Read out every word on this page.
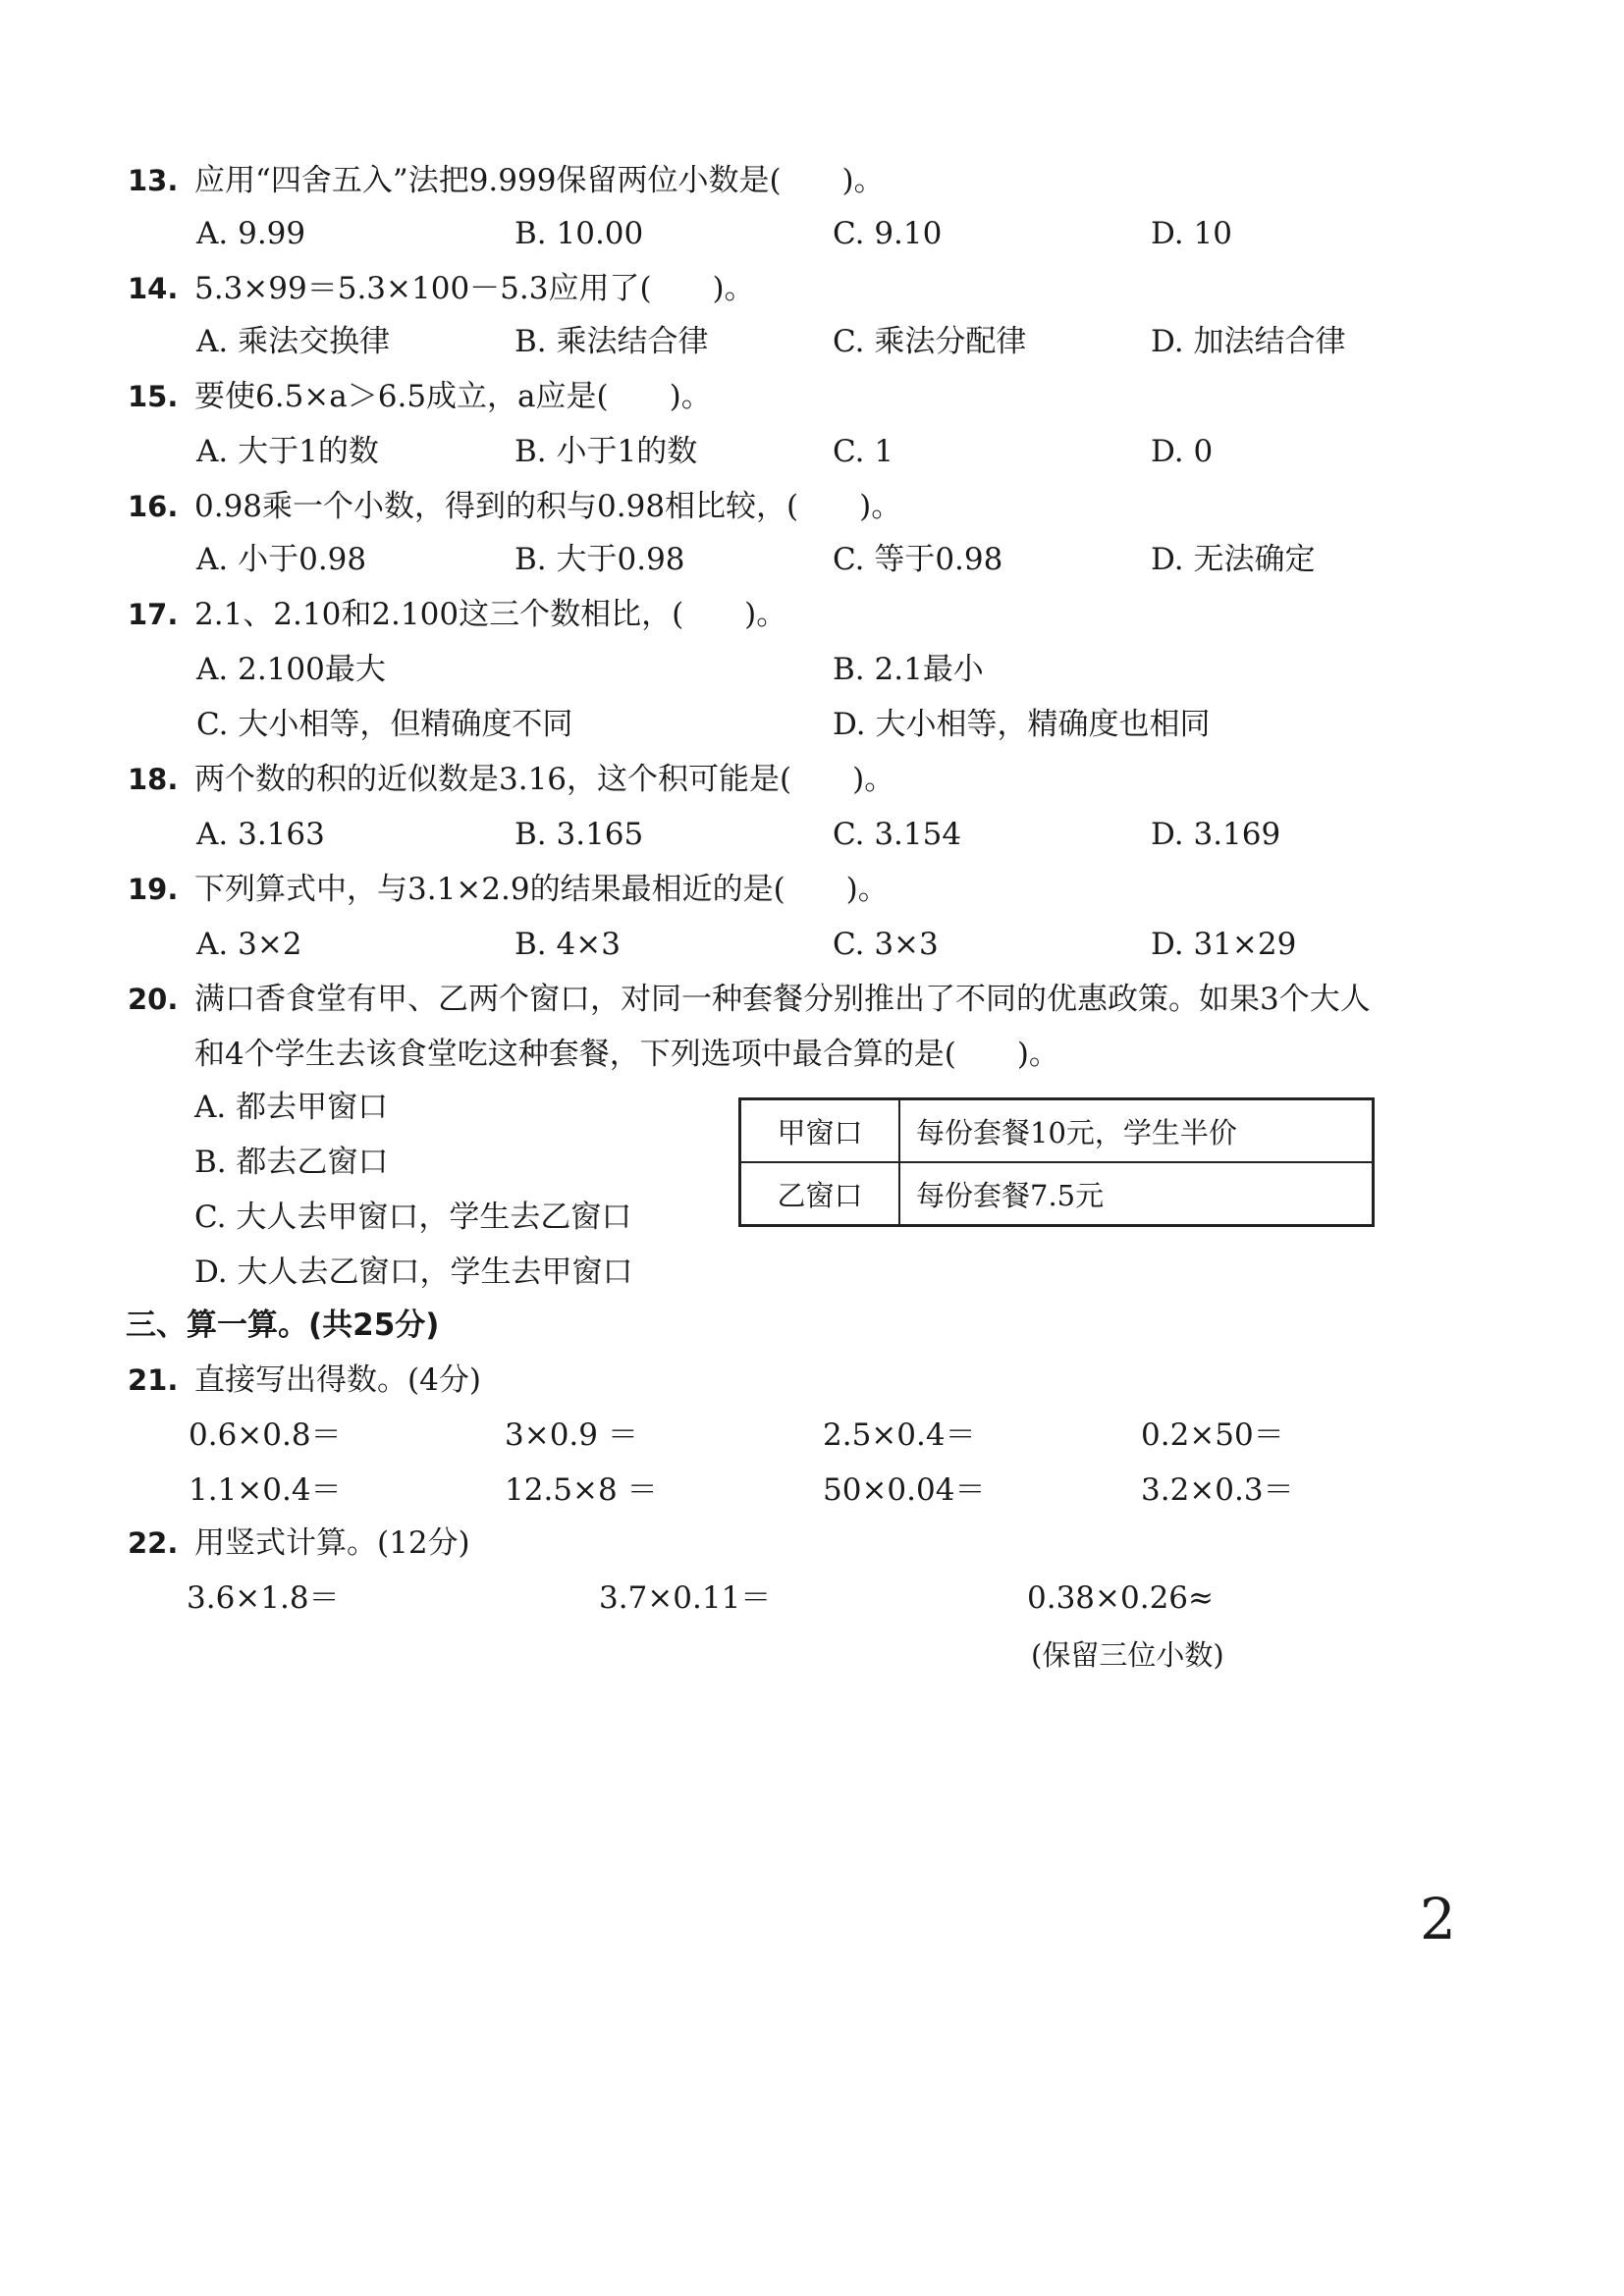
13. 应用“四舍五入”法把9.999保留两位小数是(　　)。
A. 9.99	B. 10.00	C. 9.10	D. 10
14. 5.3×99＝5.3×100－5.3应用了(　　)。
A. 乘法交换律	B. 乘法结合律	C. 乘法分配律	D. 加法结合律
15. 要使6.5×a＞6.5成立，a应是(　　)。
A. 大于1的数	B. 小于1的数	C. 1	D. 0
16. 0.98乘一个小数，得到的积与0.98相比较，(　　)。
A. 小于0.98	B. 大于0.98	C. 等于0.98	D. 无法确定
17. 2.1、2.10和2.100这三个数相比，(　　)。
A. 2.100最大	B. 2.1最小
C. 大小相等，但精确度不同	D. 大小相等，精确度也相同
18. 两个数的积的近似数是3.16，这个积可能是(　　)。
A. 3.163	B. 3.165	C. 3.154	D. 3.169
19. 下列算式中，与3.1×2.9的结果最相近的是(　　)。
A. 3×2	B. 4×3	C. 3×3	D. 31×29
20. 满口香食堂有甲、乙两个窗口，对同一种套餐分别推出了不同的优惠政策。如果3个大人
和4个学生去该食堂吃这种套餐，下列选项中最合算的是(　　)。
A. 都去甲窗口
B. 都去乙窗口
C. 大人去甲窗口，学生去乙窗口
D. 大人去乙窗口，学生去甲窗口
甲窗口	每份套餐10元，学生半价
乙窗口	每份套餐7.5元
三、算一算。(共25分)
21. 直接写出得数。(4分)
0.6×0.8＝	3×0.9 ＝	2.5×0.4＝	0.2×50＝
1.1×0.4＝	12.5×8 ＝	50×0.04＝	3.2×0.3＝
22. 用竖式计算。(12分)
3.6×1.8＝	3.7×0.11＝	0.38×0.26≈
(保留三位小数)
2
